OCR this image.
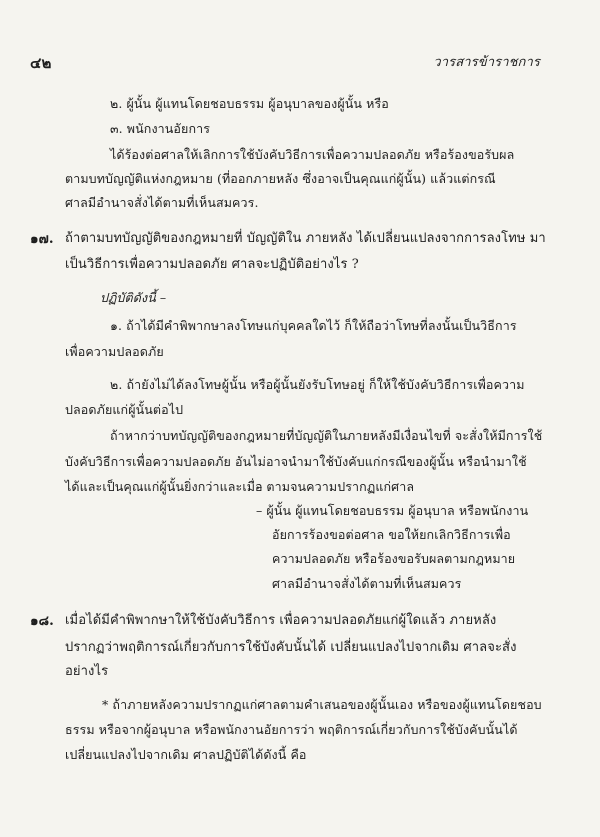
๔๒	วารสารข้าราชการ

๒. ผู้นั้น ผู้แทนโดยชอบธรรม ผู้อนุบาลของผู้นั้น หรือ

๓. พนักงานอัยการ

ได้ร้องต่อศาลให้เลิกการใช้บังคับวิธีการเพื่อความปลอดภัย หรือร้องขอรับผล

ตามบทบัญญัติแห่งกฎหมาย (ที่ออกภายหลัง ซึ่งอาจเป็นคุณแก่ผู้นั้น) แล้วแต่กรณี

ศาลมีอำนาจสั่งได้ตามที่เห็นสมควร.

๑๗. ถ้าตามบทบัญญัติของกฎหมายที่ บัญญัติใน ภายหลัง ได้เปลี่ยนแปลงจากการลงโทษ มา

เป็นวิธีการเพื่อความปลอดภัย ศาลจะปฏิบัติอย่างไร ?

ปฏิบัติดังนี้ –

๑. ถ้าได้มีคำพิพากษาลงโทษแก่บุคคลใดไว้ ก็ให้ถือว่าโทษที่ลงนั้นเป็นวิธีการ

เพื่อความปลอดภัย

๒. ถ้ายังไม่ได้ลงโทษผู้นั้น หรือผู้นั้นยังรับโทษอยู่ ก็ให้ใช้บังคับวิธีการเพื่อความ

ปลอดภัยแก่ผู้นั้นต่อไป

ถ้าหากว่าบทบัญญัติของกฎหมายที่บัญญัติในภายหลังมีเงื่อนไขที่ จะสั่งให้มีการใช้

บังคับวิธีการเพื่อความปลอดภัย อันไม่อาจนำมาใช้บังคับแก่กรณีของผู้นั้น หรือนำมาใช้

ได้และเป็นคุณแก่ผู้นั้นยิ่งกว่าและเมื่อ

– ตามจนความปรากฏแก่ศาล

– ผู้นั้น ผู้แทนโดยชอบธรรม ผู้อนุบาล หรือพนักงาน

อัยการร้องขอต่อศาล ขอให้ยกเลิกวิธีการเพื่อ

ความปลอดภัย หรือร้องขอรับผลตามกฎหมาย

ศาลมีอำนาจสั่งได้ตามที่เห็นสมควร

๑๘. เมื่อได้มีคำพิพากษาให้ใช้บังคับวิธีการ เพื่อความปลอดภัยแก่ผู้ใดแล้ว ภายหลัง

ปรากฏว่าพฤติการณ์เกี่ยวกับการใช้บังคับนั้นได้ เปลี่ยนแปลงไปจากเดิม ศาลจะสั่ง

อย่างไร

* ถ้าภายหลังความปรากฏแก่ศาลตามคำเสนอของผู้นั้นเอง หรือของผู้แทนโดยชอบ

ธรรม หรือจากผู้อนุบาล หรือพนักงานอัยการว่า พฤติการณ์เกี่ยวกับการใช้บังคับนั้นได้

เปลี่ยนแปลงไปจากเดิม ศาลปฏิบัติได้ดังนี้ คือ
